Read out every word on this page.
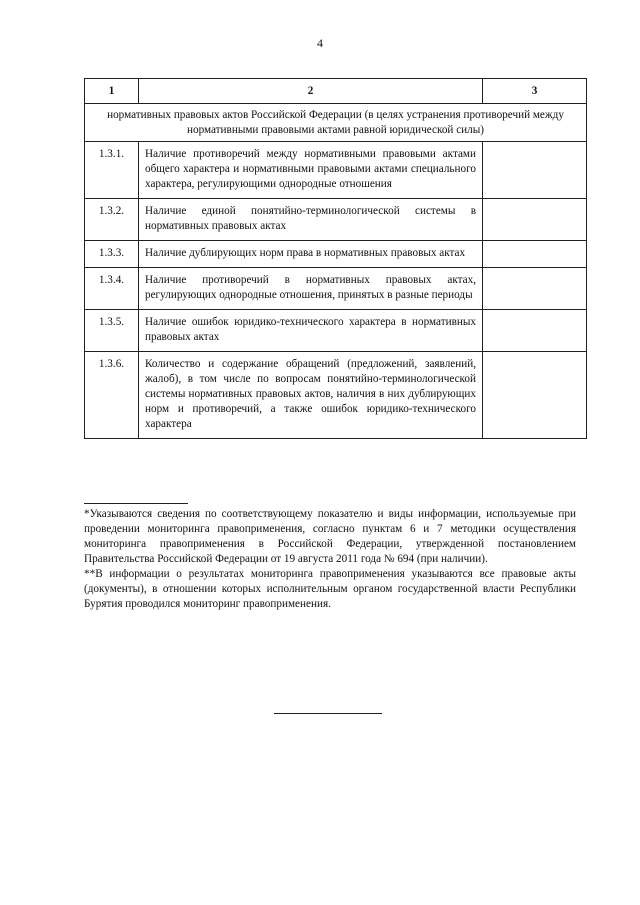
4
1	2	3
нормативных правовых актов Российской Федерации (в целях устранения противоречий между нормативными правовыми актами равной юридической силы)		
1.3.1.	Наличие противоречий между нормативными правовыми актами общего характера и нормативными правовыми актами специального характера, регулирующими однородные отношения	
1.3.2.	Наличие единой понятийно-терминологической системы в нормативных правовых актах	
1.3.3.	Наличие дублирующих норм права в нормативных правовых актах	
1.3.4.	Наличие противоречий в нормативных правовых актах, регулирующих однородные отношения, принятых в разные периоды	
1.3.5.	Наличие ошибок юридико-технического характера в нормативных правовых актах	
1.3.6.	Количество и содержание обращений (предложений, заявлений, жалоб), в том числе по вопросам понятийно-терминологической системы нормативных правовых актов, наличия в них дублирующих норм и противоречий, а также ошибок юридико-технического характера	

*Указываются сведения по соответствующему показателю и виды информации, используемые при проведении мониторинга правоприменения, согласно пунктам 6 и 7 методики осуществления мониторинга правоприменения в Российской Федерации, утвержденной постановлением Правительства Российской Федерации от 19 августа 2011 года № 694 (при наличии).

**В информации о результатах мониторинга правоприменения указываются все правовые акты (документы), в отношении которых исполнительным органом государственной власти Республики Бурятия проводился мониторинг правоприменения.
